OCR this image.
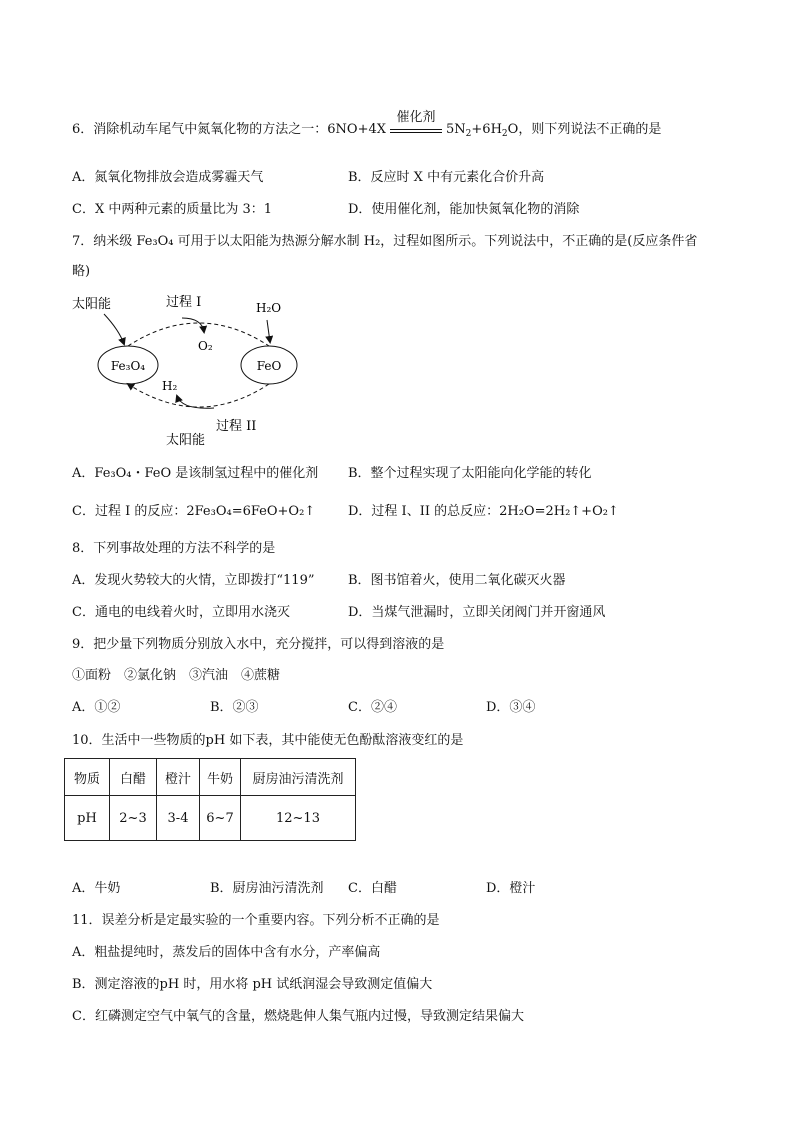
6．消除机动车尾气中氮氧化物的方法之一：6NO+4X
催化剂
$5N_2+6H_2O$，则下列说法不正确的是
A．氮氧化物排放会造成雾霾天气	B．反应时 X 中有元素化合价升高
C．X 中两种元素的质量比为 3：1	D．使用催化剂，能加快氮氧化物的消除
7．纳米级 Fe₃O₄ 可用于以太阳能为热源分解水制 H₂，过程如图所示。下列说法中，不正确的是(反应条件省
略)
太阳能	过程 I
O₂
H₂O
Fe₃O₄	FeO
H₂
过程 II
太阳能
A．Fe₃O₄・FeO 是该制氢过程中的催化剂 B．整个过程实现了太阳能向化学能的转化
C．过程 I 的反应：2Fe₃O₄=6FeO+O₂↑	D．过程 I、II 的总反应：2H₂O=2H₂↑+O₂↑
8．下列事故处理的方法不科学的是
A．发现火势较大的火情，立即拨打“119”	B．图书馆着火，使用二氧化碳灭火器
C．通电的电线着火时，立即用水浇灭	D．当煤气泄漏时，立即关闭阀门并开窗通风
9．把少量下列物质分别放入水中，充分搅拌，可以得到溶液的是
①面粉　②氯化钠　③汽油　④蔗糖
A．①②	B．②③	C．②④	D．③④
10．生活中一些物质的pH 如下表，其中能使无色酚酞溶液变红的是
物质	白醋	橙汁	牛奶	厨房油污清洗剂
pH	2~3	3-4	6~7	12~13
A．牛奶	B．厨房油污清洗剂 C．白醋	D．橙汁
11．误差分析是定最实验的一个重要内容。下列分析不正确的是
A．粗盐提纯时，蒸发后的固体中含有水分，产率偏高
B．测定溶液的pH 时，用水将 pH 试纸润湿会导致测定值偏大
C．红磷测定空气中氧气的含量，燃烧匙伸人集气瓶内过慢，导致测定结果偏大
